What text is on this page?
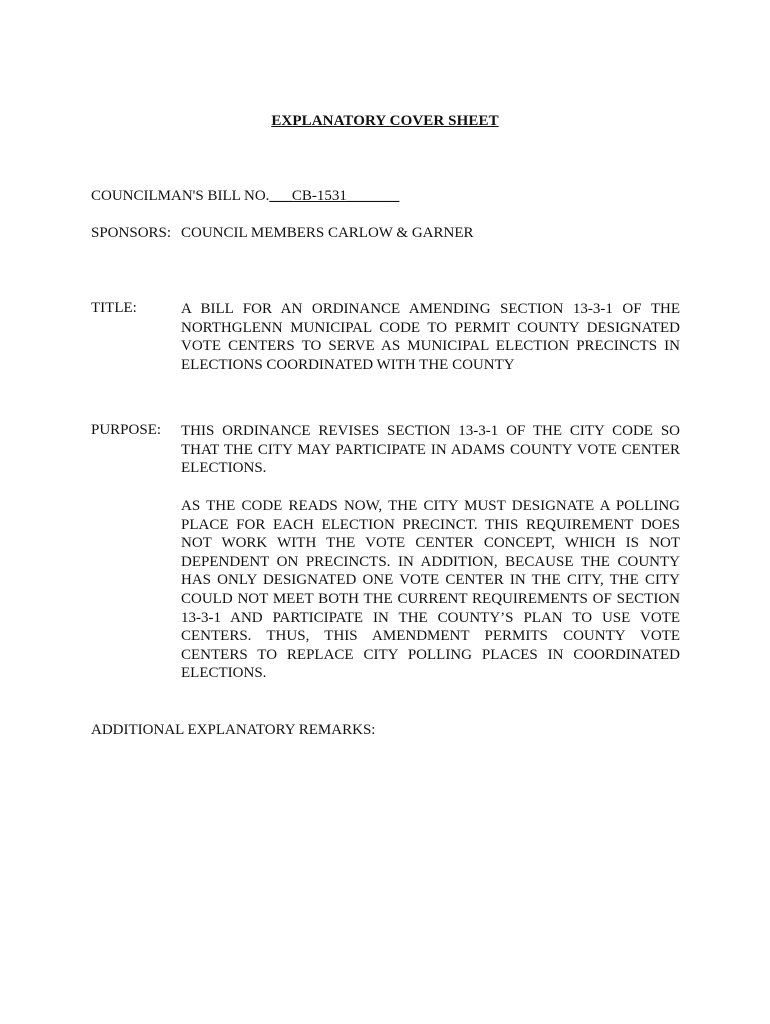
EXPLANATORY COVER SHEET
COUNCILMAN'S BILL NO.___CB-1531_______
SPONSORS: COUNCIL MEMBERS CARLOW & GARNER
TITLE:	A BILL FOR AN ORDINANCE AMENDING SECTION 13-3-1 OF THE NORTHGLENN MUNICIPAL CODE TO PERMIT COUNTY DESIGNATED VOTE CENTERS TO SERVE AS MUNICIPAL ELECTION PRECINCTS IN ELECTIONS COORDINATED WITH THE COUNTY
PURPOSE: THIS ORDINANCE REVISES SECTION 13-3-1 OF THE CITY CODE SO THAT THE CITY MAY PARTICIPATE IN ADAMS COUNTY VOTE CENTER ELECTIONS.
AS THE CODE READS NOW, THE CITY MUST DESIGNATE A POLLING PLACE FOR EACH ELECTION PRECINCT. THIS REQUIREMENT DOES NOT WORK WITH THE VOTE CENTER CONCEPT, WHICH IS NOT DEPENDENT ON PRECINCTS. IN ADDITION, BECAUSE THE COUNTY HAS ONLY DESIGNATED ONE VOTE CENTER IN THE CITY, THE CITY COULD NOT MEET BOTH THE CURRENT REQUIREMENTS OF SECTION 13-3-1 AND PARTICIPATE IN THE COUNTY’S PLAN TO USE VOTE CENTERS. THUS, THIS AMENDMENT PERMITS COUNTY VOTE CENTERS TO REPLACE CITY POLLING PLACES IN COORDINATED ELECTIONS.
ADDITIONAL EXPLANATORY REMARKS:
